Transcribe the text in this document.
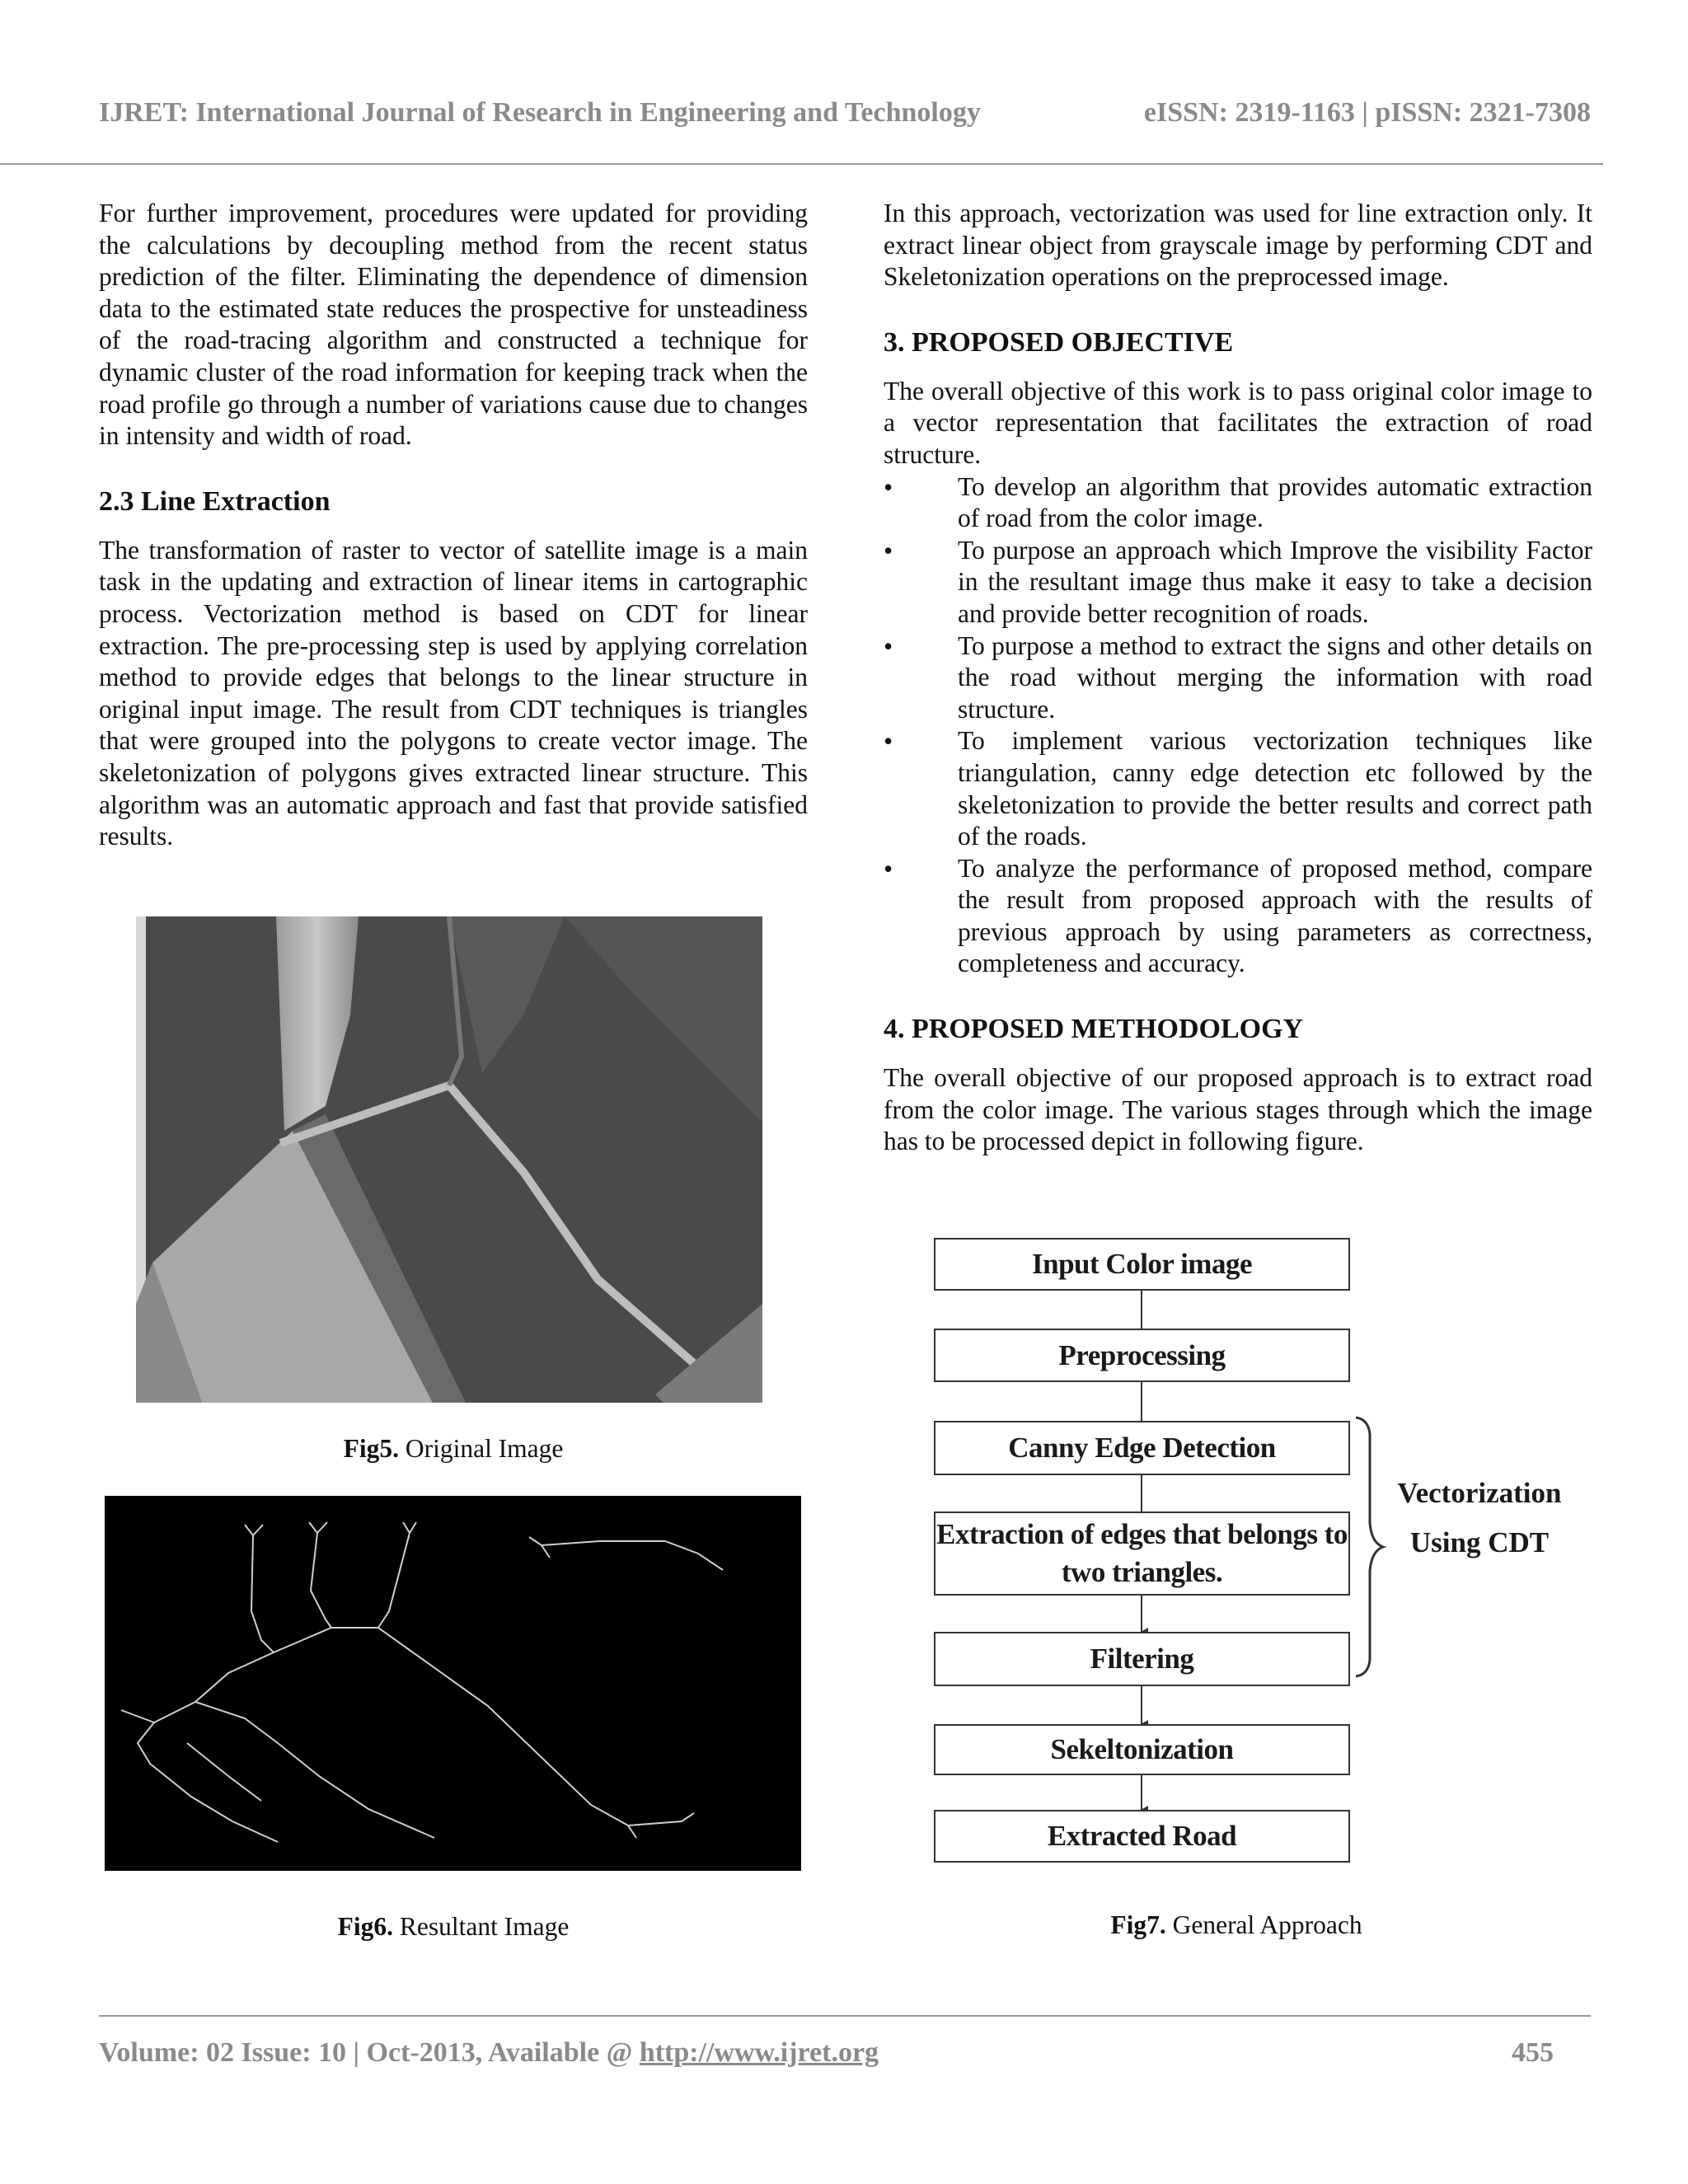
IJRET: International Journal of Research in Engineering and Technology	eISSN: 2319-1163 | pISSN: 2321-7308

For further improvement, procedures were updated for providing the calculations by decoupling method from the recent status prediction of the filter. Eliminating the dependence of dimension data to the estimated state reduces the prospective for unsteadiness of the road-tracing algorithm and constructed a technique for dynamic cluster of the road information for keeping track when the road profile go through a number of variations cause due to changes in intensity and width of road.

2.3 Line Extraction

The transformation of raster to vector of satellite image is a main task in the updating and extraction of linear items in cartographic process. Vectorization method is based on CDT for linear extraction. The pre-processing step is used by applying correlation method to provide edges that belongs to the linear structure in original input image. The result from CDT techniques is triangles that were grouped into the polygons to create vector image. The skeletonization of polygons gives extracted linear structure. This algorithm was an automatic approach and fast that provide satisfied results.

In this approach, vectorization was used for line extraction only. It extract linear object from grayscale image by performing CDT and Skeletonization operations on the preprocessed image.

3. PROPOSED OBJECTIVE

The overall objective of this work is to pass original color image to a vector representation that facilitates the extraction of road structure.

• To develop an algorithm that provides automatic extraction of road from the color image.
• To purpose an approach which Improve the visibility Factor in the resultant image thus make it easy to take a decision and provide better recognition of roads.
• To purpose a method to extract the signs and other details on the road without merging the information with road structure.
• To implement various vectorization techniques like triangulation, canny edge detection etc followed by the skeletonization to provide the better results and correct path of the roads.
• To analyze the performance of proposed method, compare the result from proposed approach with the results of previous approach by using parameters as correctness, completeness and accuracy.
4. PROPOSED METHODOLOGY

The overall objective of our proposed approach is to extract road from the color image. The various stages through which the image has to be processed depict in following figure.

Fig5. Original Image
Fig6. Resultant Image
Input Color image
Preprocessing
Canny Edge Detection
Extraction of edges that belongs to two triangles.
Filtering
Sekeltonization
Extracted Road
Vectorization
Using CDT
Fig7. General Approach
Volume: 02 Issue: 10 | Oct-2013, Available @ http://www.ijret.org	455
